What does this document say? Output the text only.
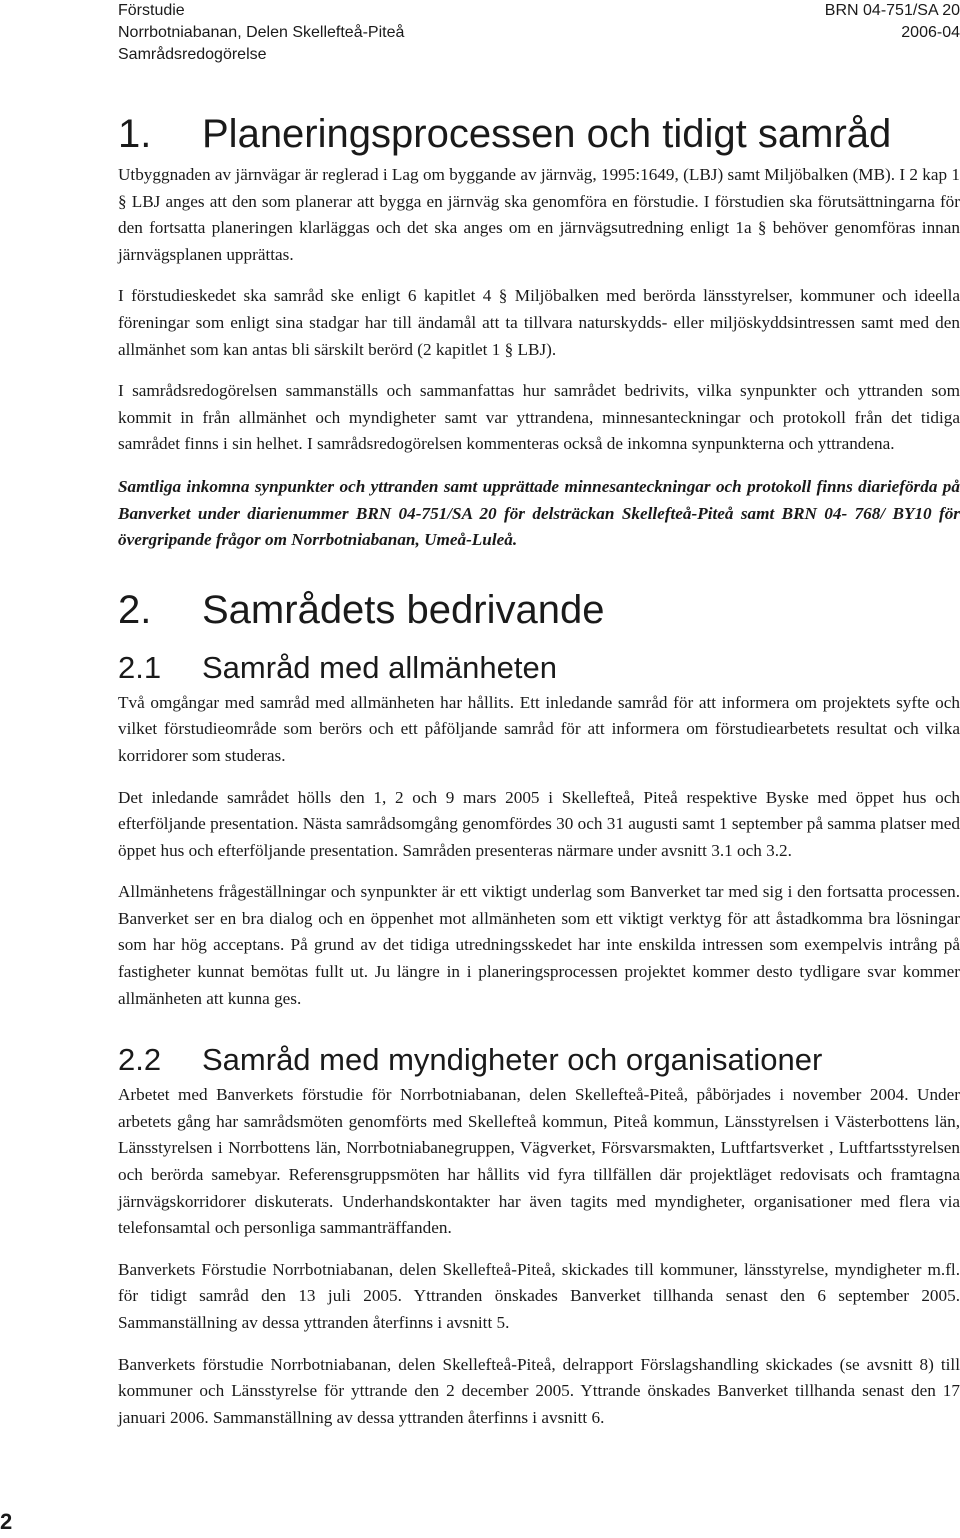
Förstudie
Norrbotniabanan, Delen Skellefteå-Piteå
Samrådsredogörelse
BRN 04-751/SA 20
2006-04
1. Planeringsprocessen och tidigt samråd

Utbyggnaden av järnvägar är reglerad i Lag om byggande av järnväg, 1995:1649, (LBJ) samt Miljöbalken (MB). I 2 kap 1 § LBJ anges att den som planerar att bygga en järnväg ska genomföra en förstudie. I förstudien ska förutsättningarna för den fortsatta planeringen klarläggas och det ska anges om en järnvägsutredning enligt 1a § behöver genomföras innan järnvägsplanen upprättas.

I förstudieskedet ska samråd ske enligt 6 kapitlet 4 § Miljöbalken med berörda länsstyrelser, kommuner och ideella föreningar som enligt sina stadgar har till ändamål att ta tillvara naturskydds- eller miljöskyddsintressen samt med den allmänhet som kan antas bli särskilt berörd (2 kapitlet 1 § LBJ).

I samrådsredogörelsen sammanställs och sammanfattas hur samrådet bedrivits, vilka synpunkter och yttranden som kommit in från allmänhet och myndigheter samt var yttrandena, minnesanteckningar och protokoll från det tidiga samrådet finns i sin helhet. I samrådsredogörelsen kommenteras också de inkomna synpunkterna och yttrandena.

Samtliga inkomna synpunkter och yttranden samt upprättade minnesanteckningar och protokoll finns diarieförda på Banverket under diarienummer BRN 04-751/SA 20 för delsträckan Skellefteå-Piteå samt BRN 04- 768/ BY10 för övergripande frågor om Norrbotniabanan, Umeå-Luleå.

2. Samrådets bedrivande
2.1 Samråd med allmänheten

Två omgångar med samråd med allmänheten har hållits. Ett inledande samråd för att informera om projektets syfte och vilket förstudieområde som berörs och ett påföljande samråd för att informera om förstudiearbetets resultat och vilka korridorer som studeras.

Det inledande samrådet hölls den 1, 2 och 9 mars 2005 i Skellefteå, Piteå respektive Byske med öppet hus och efterföljande presentation. Nästa samrådsomgång genomfördes 30 och 31 augusti samt 1 september på samma platser med öppet hus och efterföljande presentation. Samråden presenteras närmare under avsnitt 3.1 och 3.2.

Allmänhetens frågeställningar och synpunkter är ett viktigt underlag som Banverket tar med sig i den fortsatta processen. Banverket ser en bra dialog och en öppenhet mot allmänheten som ett viktigt verktyg för att åstadkomma bra lösningar som har hög acceptans. På grund av det tidiga utredningsskedet har inte enskilda intressen som exempelvis intrång på fastigheter kunnat bemötas fullt ut. Ju längre in i planeringsprocessen projektet kommer desto tydligare svar kommer allmänheten att kunna ges.

2.2 Samråd med myndigheter och organisationer

Arbetet med Banverkets förstudie för Norrbotniabanan, delen Skellefteå-Piteå, påbörjades i november 2004. Under arbetets gång har samrådsmöten genomförts med Skellefteå kommun, Piteå kommun, Länsstyrelsen i Västerbottens län, Länsstyrelsen i Norrbottens län, Norrbotniabanegruppen, Vägverket, Försvarsmakten, Luftfartsverket , Luftfartsstyrelsen och berörda samebyar. Referensgruppsmöten har hållits vid fyra tillfällen där projektläget redovisats och framtagna järnvägskorridorer diskuterats. Underhandskontakter har även tagits med myndigheter, organisationer med flera via telefonsamtal och personliga sammanträffanden.

Banverkets Förstudie Norrbotniabanan, delen Skellefteå-Piteå, skickades till kommuner, länsstyrelse, myndigheter m.fl. för tidigt samråd den 13 juli 2005. Yttranden önskades Banverket tillhanda senast den 6 september 2005. Sammanställning av dessa yttranden återfinns i avsnitt 5.

Banverkets förstudie Norrbotniabanan, delen Skellefteå-Piteå, delrapport Förslagshandling skickades (se avsnitt 8) till kommuner och Länsstyrelse för yttrande den 2 december 2005. Yttrande önskades Banverket tillhanda senast den 17 januari 2006. Sammanställning av dessa yttranden återfinns i avsnitt 6.

2
